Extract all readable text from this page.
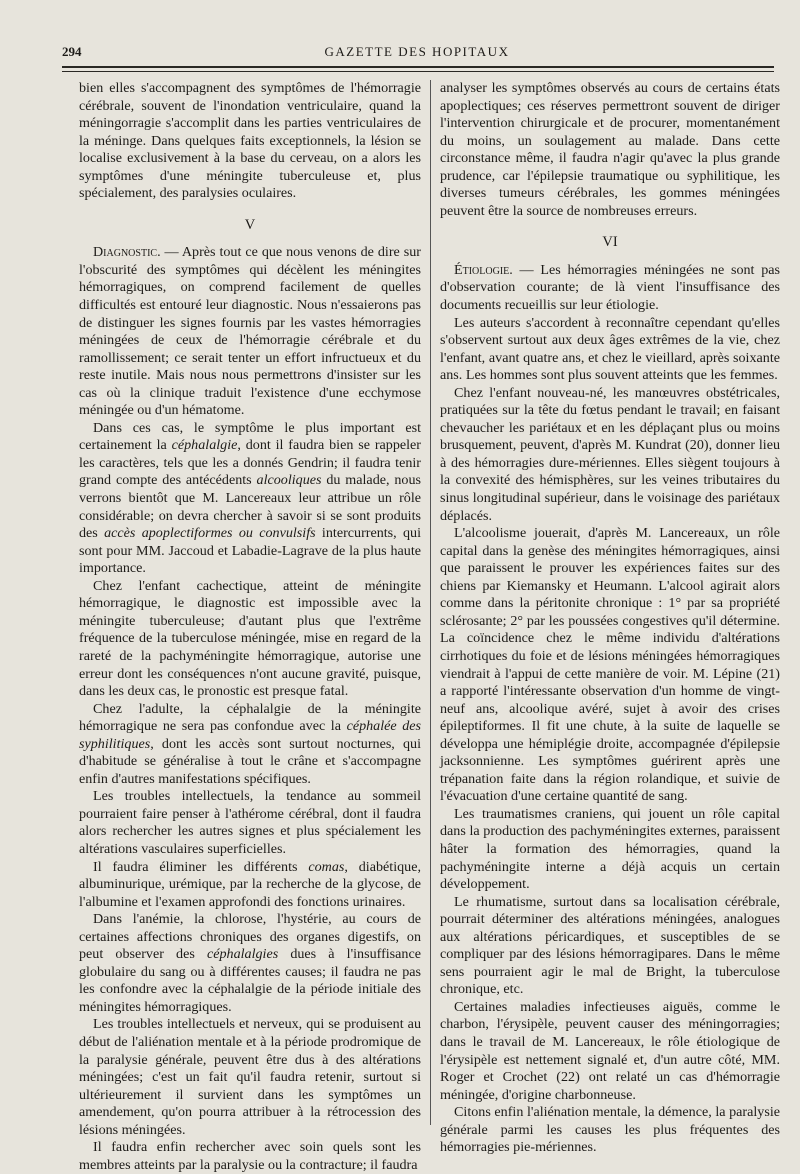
294	GAZETTE DES HOPITAUX

bien elles s'accompagnent des symptômes de l'hémorragie cérébrale, souvent de l'inondation ventriculaire, quand la méningorragie s'accomplit dans les parties ventriculaires de la méninge. Dans quelques faits exceptionnels, la lésion se localise exclusivement à la base du cerveau, on a alors les symptômes d'une méningite tuberculeuse et, plus spécialement, des paralysies oculaires.

V

Diagnostic. — Après tout ce que nous venons de dire sur l'obscurité des symptômes qui décèlent les méningites hémorragiques, on comprend facilement de quelles difficultés est entouré leur diagnostic. Nous n'essaierons pas de distinguer les signes fournis par les vastes hémorragies méningées de ceux de l'hémorragie cérébrale et du ramollissement; ce serait tenter un effort infructueux et du reste inutile. Mais nous nous permettrons d'insister sur les cas où la clinique traduit l'existence d'une ecchymose méningée ou d'un hématome.

Dans ces cas, le symptôme le plus important est certainement la céphalalgie, dont il faudra bien se rappeler les caractères, tels que les a donnés Gendrin; il faudra tenir grand compte des antécédents alcooliques du malade, nous verrons bientôt que M. Lancereaux leur attribue un rôle considérable; on devra chercher à savoir si se sont produits des accès apoplectiformes ou convulsifs intercurrents, qui sont pour MM. Jaccoud et Labadie-Lagrave de la plus haute importance.

Chez l'enfant cachectique, atteint de méningite hémorragique, le diagnostic est impossible avec la méningite tuberculeuse; d'autant plus que l'extrême fréquence de la tuberculose méningée, mise en regard de la rareté de la pachyméningite hémorragique, autorise une erreur dont les conséquences n'ont aucune gravité, puisque, dans les deux cas, le pronostic est presque fatal.

Chez l'adulte, la céphalalgie de la méningite hémorragique ne sera pas confondue avec la céphalée des syphilitiques, dont les accès sont surtout nocturnes, qui d'habitude se généralise à tout le crâne et s'accompagne enfin d'autres manifestations spécifiques.

Les troubles intellectuels, la tendance au sommeil pourraient faire penser à l'athérome cérébral, dont il faudra alors rechercher les autres signes et plus spécialement les altérations vasculaires superficielles.

Il faudra éliminer les différents comas, diabétique, albuminurique, urémique, par la recherche de la glycose, de l'albumine et l'examen approfondi des fonctions urinaires.

Dans l'anémie, la chlorose, l'hystérie, au cours de certaines affections chroniques des organes digestifs, on peut observer des céphalalgies dues à l'insuffisance globulaire du sang ou à différentes causes; il faudra ne pas les confondre avec la céphalalgie de la période initiale des méningites hémorragiques.

Les troubles intellectuels et nerveux, qui se produisent au début de l'aliénation mentale et à la période prodromique de la paralysie générale, peuvent être dus à des altérations méningées; c'est un fait qu'il faudra retenir, surtout si ultérieurement il survient dans les symptômes un amendement, qu'on pourra attribuer à la rétrocession des lésions méningées.

Il faudra enfin rechercher avec soin quels sont les membres atteints par la paralysie ou la contracture; il faudra

analyser les symptômes observés au cours de certains états apoplectiques; ces réserves permettront souvent de diriger l'intervention chirurgicale et de procurer, momentanément du moins, un soulagement au malade. Dans cette circonstance même, il faudra n'agir qu'avec la plus grande prudence, car l'épilepsie traumatique ou syphilitique, les diverses tumeurs cérébrales, les gommes méningées peuvent être la source de nombreuses erreurs.

VI

Étiologie. — Les hémorragies méningées ne sont pas d'observation courante; de là vient l'insuffisance des documents recueillis sur leur étiologie.

Les auteurs s'accordent à reconnaître cependant qu'elles s'observent surtout aux deux âges extrêmes de la vie, chez l'enfant, avant quatre ans, et chez le vieillard, après soixante ans. Les hommes sont plus souvent atteints que les femmes.

Chez l'enfant nouveau-né, les manœuvres obstétricales, pratiquées sur la tête du fœtus pendant le travail; en faisant chevaucher les pariétaux et en les déplaçant plus ou moins brusquement, peuvent, d'après M. Kundrat (20), donner lieu à des hémorragies dure-mériennes. Elles siègent toujours à la convexité des hémisphères, sur les veines tributaires du sinus longitudinal supérieur, dans le voisinage des pariétaux déplacés.

L'alcoolisme jouerait, d'après M. Lancereaux, un rôle capital dans la genèse des méningites hémorragiques, ainsi que paraissent le prouver les expériences faites sur des chiens par Kiemansky et Heumann. L'alcool agirait alors comme dans la péritonite chronique : 1° par sa propriété sclérosante; 2° par les poussées congestives qu'il détermine. La coïncidence chez le même individu d'altérations cirrhotiques du foie et de lésions méningées hémorragiques viendrait à l'appui de cette manière de voir. M. Lépine (21) a rapporté l'intéressante observation d'un homme de vingt-neuf ans, alcoolique avéré, sujet à avoir des crises épileptiformes. Il fit une chute, à la suite de laquelle se développa une hémiplégie droite, accompagnée d'épilepsie jacksonnienne. Les symptômes guérirent après une trépanation faite dans la région rolandique, et suivie de l'évacuation d'une certaine quantité de sang.

Les traumatismes craniens, qui jouent un rôle capital dans la production des pachyméningites externes, paraissent hâter la formation des hémorragies, quand la pachyméningite interne a déjà acquis un certain développement.

Le rhumatisme, surtout dans sa localisation cérébrale, pourrait déterminer des altérations méningées, analogues aux altérations péricardiques, et susceptibles de se compliquer par des lésions hémorragipares. Dans le même sens pourraient agir le mal de Bright, la tuberculose chronique, etc.

Certaines maladies infectieuses aiguës, comme le charbon, l'érysipèle, peuvent causer des méningorragies; dans le travail de M. Lancereaux, le rôle étiologique de l'érysipèle est nettement signalé et, d'un autre côté, MM. Roger et Crochet (22) ont relaté un cas d'hémorragie méningée, d'origine charbonneuse.

Citons enfin l'aliénation mentale, la démence, la paralysie générale parmi les causes les plus fréquentes des hémorragies pie-mériennes.
